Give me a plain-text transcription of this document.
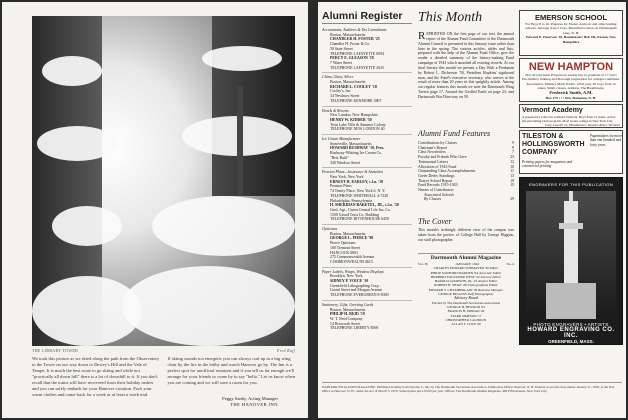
THE LIBRARY TOWER	Fred Ruff

We took this picture as we skied along the path from the Observatory to the Tower on our way down to Dewey's Hill and the Vale of Tempe. It is much the best route to go skiing and while not "practically all down hill" there is a lot of downhill to it. If you don't recall that the trains will have recovered from their holiday rushes and you can safely embark for your Hanover vacation. Pack your warm clothes and come back for a week or at least a week-end.

If skiing sounds too energetic you can always curl up in a big wing chair by the fire in the lobby and watch Hanover go by. The Inn is a perfect spot for unofficial reunions and if you tell us far enough we'll arrange for your friends to come by to say "hello." Let us know when you are coming and we will save a room for you.

Peggy Sanby, Acting Manager
THE HANOVER INN
Alumni Register
Accountants, Auditors & Tax Consultants
Boston, Massachusetts
CHANDLER H. FOSTER '25
Chandler H. Foster & Co.
50 State Street
TELEPHONE LAFAYETTE 0094
PERCY E. GLEASON '18
7 Water Street
TELEPHONE LAFAYETTE 2635
China, Glass, Silver
Boston, Massachusetts
RICHARD L. COOLEY '18
Cooley's, Inc.
34 Newbury Street
TELEPHONE KENMORE 3807
Hotels & Resorts
New London, New Hampshire
HENRY W. KIDDER '30
Twin Lake Villa & Summer Colony
TELEPHONE NEW LONDON 40
Ice Cream Manufacturer
Somerville, Massachusetts
HOWARD BUSHWAY '10, Pres.
Bushway-Whiting Ice Cream Co.
"Best Built"
340 Windsor Street
Pension Plans—Insurance & Annuities
New York, New York
ERNEST H. EARLEY, c.l.u. '18
Pension Plans
74 Trinity Place, New York 6, N. Y.
TELEPHONE WHITEHALL 4-7220
Philadelphia, Pennsylvania
H. SHERIDAN BAKETEL, JR., c.l.u. '20
Genl. Agt., Union Central Life Ins. Co.
1500 Girard Trust Co. Building
TELEPHONE RITTENHOUSE 6450
Opticians
Boston, Massachusetts
GEORGE L. PIERCE '98
Pierce Opticians
100 Tremont Street
HANCOCK 6863
275 Commonwealth Avenue
COMMONWEALTH 4615
Paper Labels, Wraps, Window Displays
Brooklyn, New York
SIDNEY P. VOICE '10
Greenfield Lithographing Corp.
Grand Street and Morgan Avenue
TELEPHONE EVERGREEN 8-8300
Stationery, Gifts, Greeting Cards
Boston, Massachusetts
PHILIP H. REID '19
W. T. Reid Company
14 Bosworth Street
TELEPHONE LIBERTY 8569
This Month
REPRINTED ON the first page of our text, the annual report of the Alumni Fund Committee of the Dartmouth Alumni Council is presented in this January issue rather than later in the spring. The various articles, tables and lists, prepared with the help of the Alumni Fund Office, give the reader a detailed summary of the history-making Fund campaign of 1943 which smashed all existing records. At our final literary this month we present a Day With a Freshman by Robert L. Dickerson '50, President Hopkins' signboard man, and the Fund's executive secretary, who arrives at the result of more than 20 years in this sprightly article. Among our regular features this month we note the Dartmouth Wing Tavern page 17, Around the Girdled Earth on page 23, and Dartmouth War Directory on 59.
Alumni Fund Features
Contributions by Classes	9
Chairman's Report	9
Class Newsletters	7
Faculty and Friends Who Gave	23
Testimonial Letters	12
Allocation of 1943 Fund	10
Outstanding Class Accomplishments	11
Green Derby Standings	13
Thayer School Report	19
Fund Records 1915-1943	15
Names of Contributors
Associated Schools
By Classes	29
The Cover
This month's strikingly different view of the campus was taken from the portico of College Hall by George Higgins, our staff photographer.
Dartmouth Alumni Magazine
Vol. 36	JANUARY, 1944	No. 4
CHARLES EDWARD WIDMAYER '30 Editor
PHILIP SANFORD MARDEN '94 Associate Editor
HERBERT FAULKNER WEST '22 Literary Editor
HAROLD GOODWIN, JR. '23 Alumni Editor
ROBERT B. SHAW '28 Undergraduate Editor
EDWARD T. CHAMBERLAIN '36 Business Manager
GEORGE HIGGINS Staff Photographer
Advisory Board
Elected by The Dartmouth Secretaries Association
GEORGE H. HESSION '04
FRANCIS H. MORAN '20
STARR SIMPSON '17
CHRISTOPHER CALHOUN
ALLAN T. COLE '40
EMERSON SCHOOL
For Boys 8 to 16. Prepares for Exeter, Andover and other leading schools. Average class 5 boys. Beautiful location on Winnisquam Lake, N. H.
Edward E. Emerson '18, Headmaster; Bob Oh, Easton, New Hampshire
NEW HAMPTON
New Acceleration Program to enable boy to graduate at 17 years
Pre-military training and thorough preparation for colleges combined. Aeronautics, Military Math, Radio. 125th year. 65 boys from 12 states. Small classes. Address, The Headmaster,
Frederick Smith, A.M.
Box 175 • • • New Hampton, N. H.
Vermont Academy
A preparatory school in southern Vermont. Boys from 12 states. Active ski and Outing Club program. Most recent college in New York City.
Lacy Leavitt '11, Headmaster, Saxtons River, Vermont
TILESTON & HOLLINGSWORTH COMPANY
Papermakers for more than one hundred and forty years
Printing papers for magazines and commercial printing
ENGRAVERS FOR THIS PUBLICATION
PHOTO ENGRAVERS • ARTISTS
HOWARD ENGRAVING CO. INC.
GREENFIELD, MASS.
DARTMOUTH ALUMNI MAGAZINE. Published monthly from October to July by The Dartmouth Secretaries Association. Publication Office: Hanover, N. H. Entered as second-class matter January 21, 1936, at the Post Office at Hanover, N. H., under the Act of March 3, 1879. Subscription price $3.00 per year. Offices: The Dartmouth Alumni Magazine, 489 Fifth Avenue, New York City.
